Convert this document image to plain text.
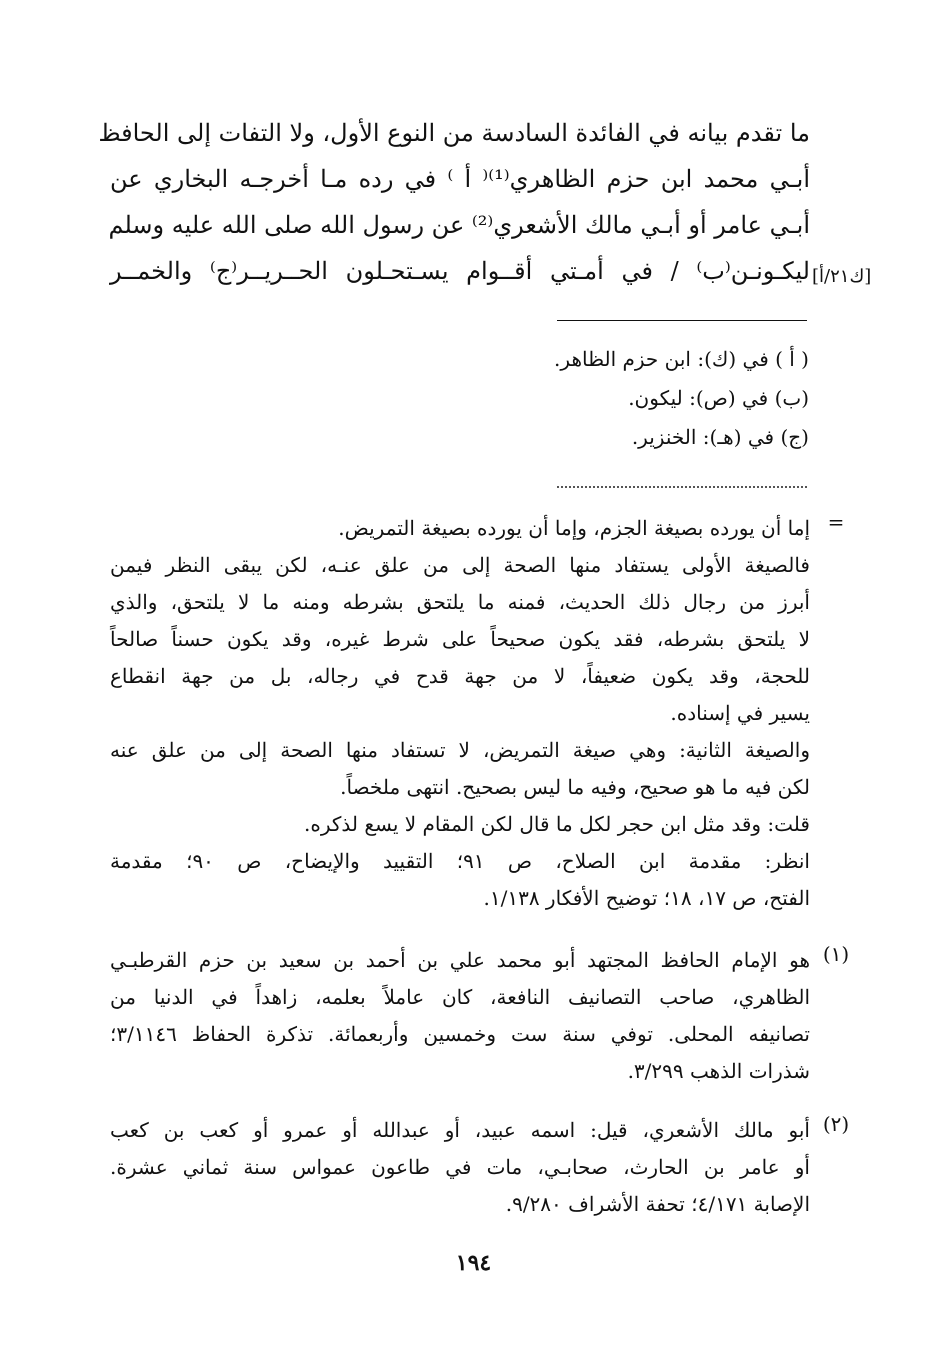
ما تقدم بيانه في الفائدة السادسة من النوع الأول، ولا التفات إلى الحافظ
أبـي محمد ابن حزم الظاهري⁽¹⁾⁽ أ ⁾ في رده مـا أخرجـه البخاري عن
أبـي عامر أو أبـي مالك الأشعري⁽²⁾ عن رسول الله صلى الله عليه وسلم
ليكـونـن⁽ب⁾ / في أمـتي أقــوام يسـتحـلون الحــريــر⁽ج⁾ والخمــر [ك٢١/أ]
( أ ) في (ك): ابن حزم الظاهر.
(ب) في (ص): ليكون.
(ج) في (هـ): الخنزير.
=
إما أن يورده بصيغة الجزم، وإما أن يورده بصيغة التمريض.
فالصيغة الأولى يستفاد منها الصحة إلى من علق عنـه، لكن يبقى النظر فيمن
أبرز من رجال ذلك الحديث، فمنه ما يلتحق بشرطه ومنه ما لا يلتحق، والذي
لا يلتحق بشرطه، فقد يكون صحيحاً على شرط غيره، وقد يكون حسناً صالحاً
للحجة، وقد يكون ضعيفاً، لا من جهة قدح في رجاله، بل من جهة انقطاع
يسير في إسناده.
والصيغة الثانية: وهي صيغة التمريض، لا تستفاد منها الصحة إلى من علق عنه
لكن فيه ما هو صحيح، وفيه ما ليس بصحيح. انتهى ملخصاً.
قلت: وقد مثل ابن حجر لكل ما قال لكن المقام لا يسع لذكره.
انظر: مقدمة ابن الصلاح، ص ٩١؛ التقييد والإيضاح، ص ٩٠؛ مقدمة
الفتح، ص ١٧، ١٨؛ توضيح الأفكار ١/١٣٨.
(١)
هو الإمام الحافظ المجتهد أبو محمد علي بن أحمد بن سعيد بن حزم القرطبـي
الظاهري، صاحب التصانيف النافعة، كان عاملاً بعلمه، زاهداً في الدنيا من
تصانيفه المحلى. توفي سنة ست وخمسين وأربعمائة. تذكرة الحفاظ ٣/١١٤٦؛
شذرات الذهب ٣/٢٩٩.
(٢)
أبو مالك الأشعري، قيل: اسمه عبيد، أو عبدالله أو عمرو أو كعب بن كعب
أو عامر بن الحارث، صحابـي، مات في طاعون عمواس سنة ثماني عشرة.
الإصابة ٤/١٧١؛ تحفة الأشراف ٩/٢٨٠.
١٩٤
